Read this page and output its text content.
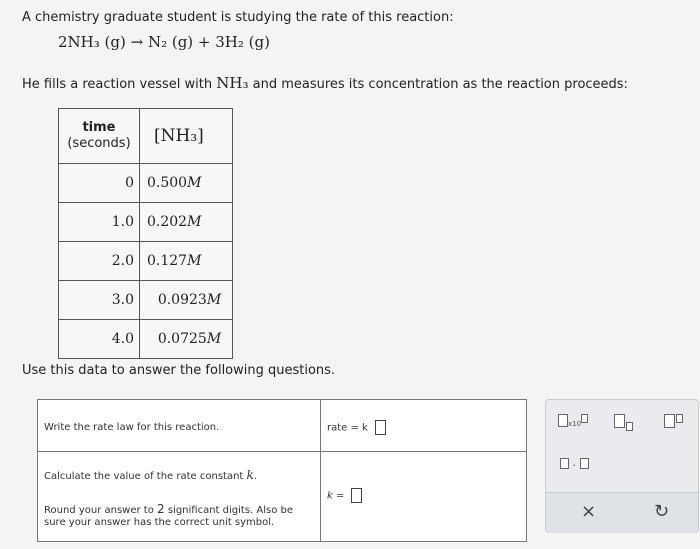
A chemistry graduate student is studying the rate of this reaction:
2NH₃ (g) → N₂ (g) + 3H₂ (g)
He fills a reaction vessel with NH₃ and measures its concentration as the reaction proceeds:
time
(seconds)	[NH₃]
0	0.500M
1.0	0.202M
2.0	0.127M
3.0	0.0923M
4.0	0.0725M
Use this data to answer the following questions.
Write the rate law for this reaction.	rate = k
Calculate the value of the rate constant k.
Round your answer to 2 significant digits. Also be
sure your answer has the correct unit symbol.
k =
x10
·
×	↻
